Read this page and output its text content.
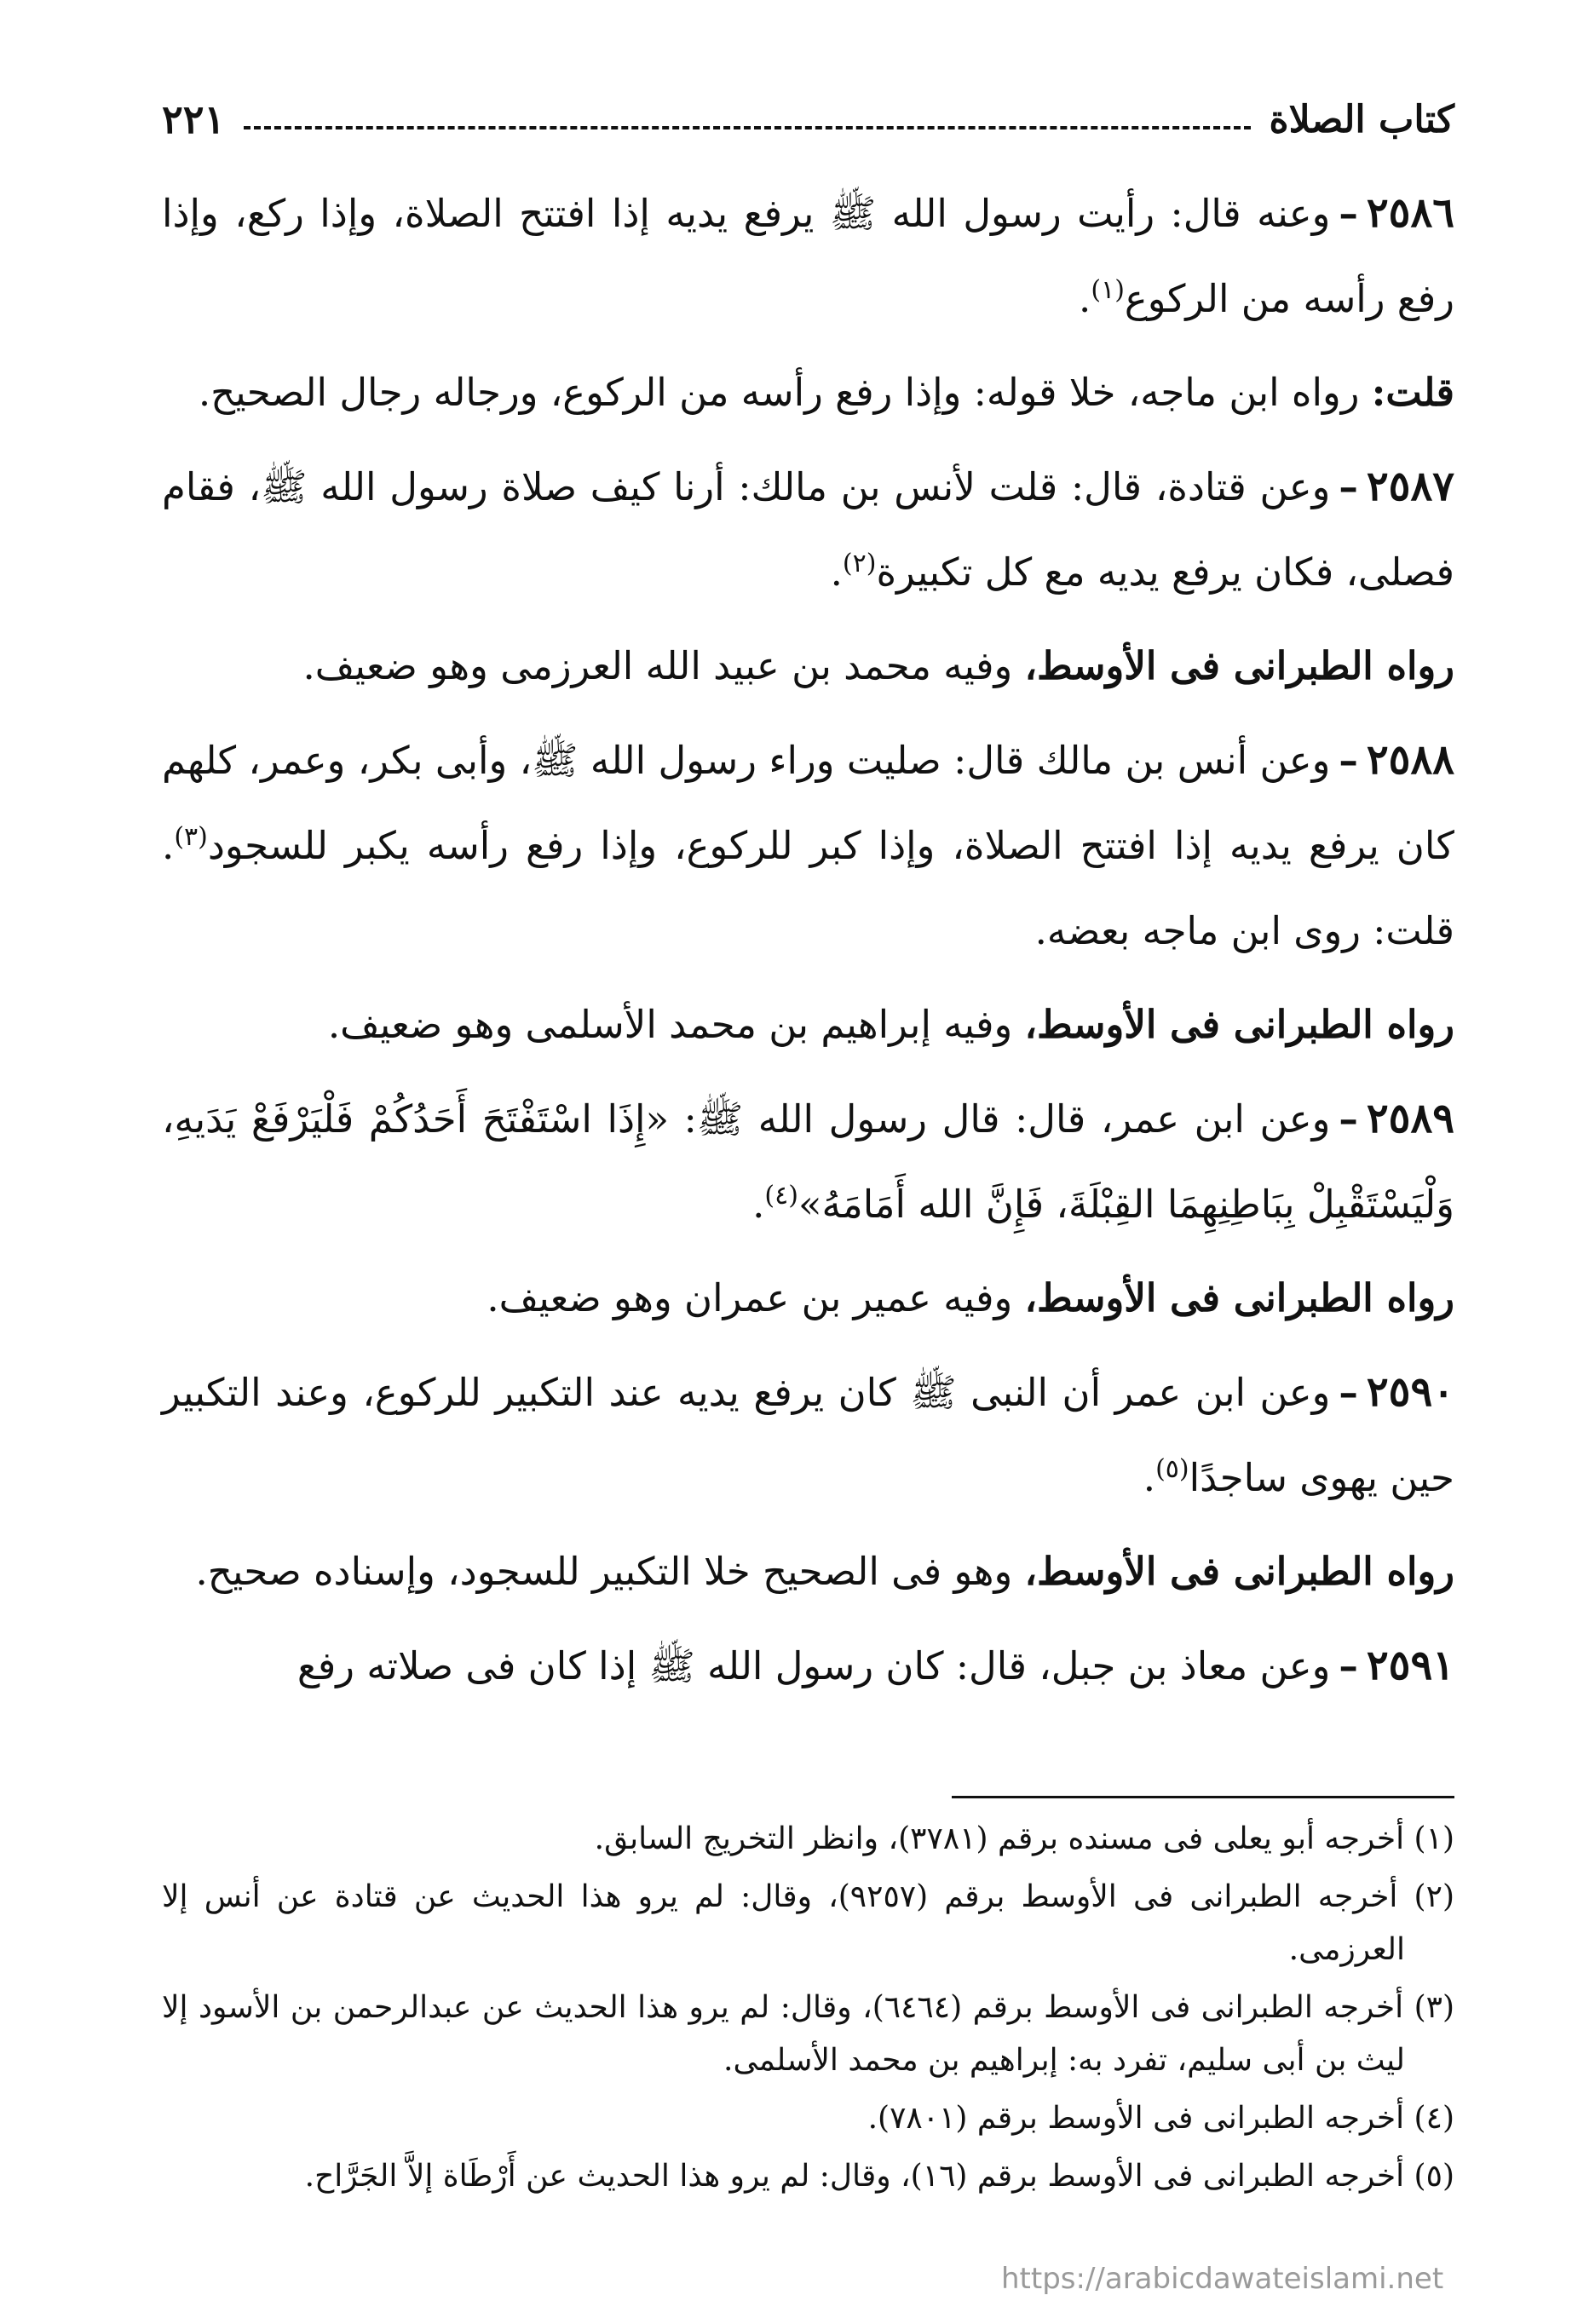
كتاب الصلاة
٢٢١

٢٥٨٦–وعنه قال: رأيت رسول الله ﷺ يرفع يديه إذا افتتح الصلاة، وإذا ركع، وإذا رفع رأسه من الركوع$^{(١)}$.

قلت: رواه ابن ماجه، خلا قوله: وإذا رفع رأسه من الركوع، ورجاله رجال الصحيح.

٢٥٨٧–وعن قتادة، قال: قلت لأنس بن مالك: أرنا كيف صلاة رسول الله ﷺ، فقام فصلى، فكان يرفع يديه مع كل تكبيرة$^{(٢)}$.

رواه الطبرانى فى الأوسط، وفيه محمد بن عبيد الله العرزمى وهو ضعيف.

٢٥٨٨–وعن أنس بن مالك قال: صليت وراء رسول الله ﷺ، وأبى بكر، وعمر، كلهم كان يرفع يديه إذا افتتح الصلاة، وإذا كبر للركوع، وإذا رفع رأسه يكبر للسجود$^{(٣)}$. قلت: روى ابن ماجه بعضه.

رواه الطبرانى فى الأوسط، وفيه إبراهيم بن محمد الأسلمى وهو ضعيف.

٢٥٨٩–وعن ابن عمر، قال: قال رسول الله ﷺ: «إِذَا اسْتَفْتَحَ أَحَدُكُمْ فَلْيَرْفَعْ يَدَيهِ، وَلْيَسْتَقْبِلْ بِبَاطِنِهِمَا القِبْلَةَ، فَإِنَّ الله أَمَامَهُ»$^{(٤)}$.

رواه الطبرانى فى الأوسط، وفيه عمير بن عمران وهو ضعيف.

٢٥٩٠–وعن ابن عمر أن النبى ﷺ كان يرفع يديه عند التكبير للركوع، وعند التكبير حين يهوى ساجدًا$^{(٥)}$.

رواه الطبرانى فى الأوسط، وهو فى الصحيح خلا التكبير للسجود، وإسناده صحيح.

٢٥٩١–وعن معاذ بن جبل، قال: كان رسول الله ﷺ إذا كان فى صلاته رفع

(١) أخرجه أبو يعلى فى مسنده برقم (٣٧٨١)، وانظر التخريج السابق.

(٢) أخرجه الطبرانى فى الأوسط برقم (٩٢٥٧)، وقال: لم يرو هذا الحديث عن قتادة عن أنس إلا العرزمى.

(٣) أخرجه الطبرانى فى الأوسط برقم (٦٤٦٤)، وقال: لم يرو هذا الحديث عن عبدالرحمن بن الأسود إلا ليث بن أبى سليم، تفرد به: إبراهيم بن محمد الأسلمى.

(٤) أخرجه الطبرانى فى الأوسط برقم (٧٨٠١).

(٥) أخرجه الطبرانى فى الأوسط برقم (١٦)، وقال: لم يرو هذا الحديث عن أَرْطَاة إلاَّ الجَرَّاح.

https://arabicdawateislami.net
